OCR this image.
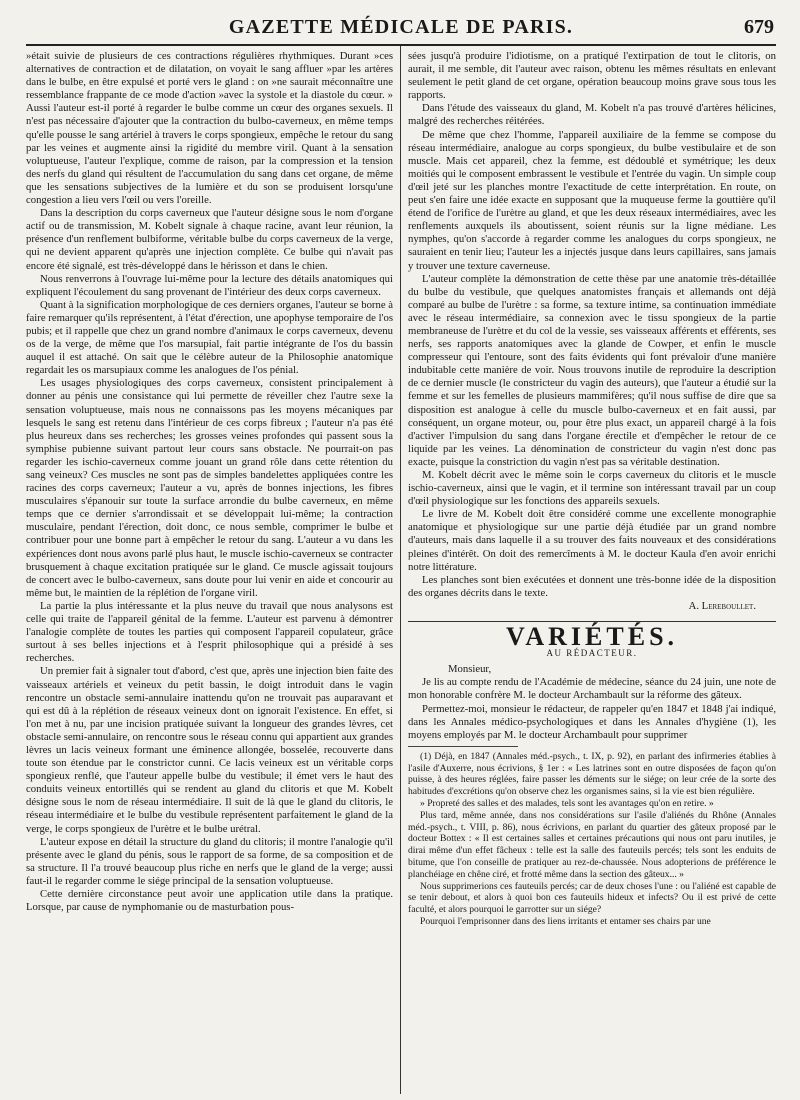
GAZETTE MÉDICALE DE PARIS.	679

»était suivie de plusieurs de ces contractions régulières rhythmiques. Durant »ces alternatives de contraction et de dilatation, on voyait le sang affluer »par les artères dans le bulbe, en être expulsé et porté vers le gland : on »ne saurait méconnaître une ressemblance frappante de ce mode d'action »avec la systole et la diastole du cœur. » Aussi l'auteur est-il porté à regarder le bulbe comme un cœur des organes sexuels. Il n'est pas nécessaire d'ajouter que la contraction du bulbo-caverneux, en même temps qu'elle pousse le sang artériel à travers le corps spongieux, empêche le retour du sang par les veines et augmente ainsi la rigidité du membre viril. Quant à la sensation voluptueuse, l'auteur l'explique, comme de raison, par la compression et la tension des nerfs du gland qui résultent de l'accumulation du sang dans cet organe, de même que les sensations subjectives de la lumière et du son se produisent lorsqu'une congestion a lieu vers l'œil ou vers l'oreille.

Dans la description du corps caverneux que l'auteur désigne sous le nom d'organe actif ou de transmission, M. Kobelt signale à chaque racine, avant leur réunion, la présence d'un renflement bulbiforme, véritable bulbe du corps caverneux de la verge, qui ne devient apparent qu'après une injection complète. Ce bulbe qui n'avait pas encore été signalé, est très-développé dans le hérisson et dans le chien.

Nous renverrons à l'ouvrage lui-même pour la lecture des détails anatomiques qui expliquent l'écoulement du sang provenant de l'intérieur des deux corps caverneux.

Quant à la signification morphologique de ces derniers organes, l'auteur se borne à faire remarquer qu'ils représentent, à l'état d'érection, une apophyse temporaire de l'os pubis; et il rappelle que chez un grand nombre d'animaux le corps caverneux, devenu os de la verge, de même que l'os marsupial, fait partie intégrante de l'os du bassin auquel il est attaché. On sait que le célèbre auteur de la Philosophie anatomique regardait les os marsupiaux comme les analogues de l'os pénial.

Les usages physiologiques des corps caverneux, consistent principalement à donner au pénis une consistance qui lui permette de réveiller chez l'autre sexe la sensation voluptueuse, mais nous ne connaissons pas les moyens mécaniques par lesquels le sang est retenu dans l'intérieur de ces corps fibreux ; l'auteur n'a pas été plus heureux dans ses recherches; les grosses veines profondes qui passent sous la symphise pubienne suivant partout leur cours sans obstacle. Ne pourrait-on pas regarder les ischio-caverneux comme jouant un grand rôle dans cette rétention du sang veineux? Ces muscles ne sont pas de simples bandelettes appliquées contre les racines des corps caverneux; l'auteur a vu, après de bonnes injections, les fibres musculaires s'épanouir sur toute la surface arrondie du bulbe caverneux, en même temps que ce dernier s'arrondissait et se développait lui-même; la contraction musculaire, pendant l'érection, doit donc, ce nous semble, comprimer le bulbe et contribuer pour une bonne part à empêcher le retour du sang. L'auteur a vu dans les expériences dont nous avons parlé plus haut, le muscle ischio-caverneux se contracter brusquement à chaque excitation pratiquée sur le gland. Ce muscle agissait toujours de concert avec le bulbo-caverneux, sans doute pour lui venir en aide et concourir au même but, le maintien de la réplétion de l'organe viril.

La partie la plus intéressante et la plus neuve du travail que nous analysons est celle qui traite de l'appareil génital de la femme. L'auteur est parvenu à démontrer l'analogie complète de toutes les parties qui composent l'appareil copulateur, grâce surtout à ses belles injections et à l'esprit philosophique qui a présidé à ses recherches.

Un premier fait à signaler tout d'abord, c'est que, après une injection bien faite des vaisseaux artériels et veineux du petit bassin, le doigt introduit dans le vagin rencontre un obstacle semi-annulaire inattendu qu'on ne trouvait pas auparavant et qui est dû à la réplétion de réseaux veineux dont on ignorait l'existence. En effet, si l'on met à nu, par une incision pratiquée suivant la longueur des grandes lèvres, cet obstacle semi-annulaire, on rencontre sous le réseau connu qui appartient aux grandes lèvres un lacis veineux formant une éminence allongée, bosselée, recouverte dans toute son étendue par le constrictor cunni. Ce lacis veineux est un véritable corps spongieux renflé, que l'auteur appelle bulbe du vestibule; il émet vers le haut des conduits veineux entortillés qui se rendent au gland du clitoris et que M. Kobelt désigne sous le nom de réseau intermédiaire. Il suit de là que le gland du clitoris, le réseau intermédiaire et le bulbe du vestibule représentent parfaitement le gland de la verge, le corps spongieux de l'urètre et le bulbe urétral.

L'auteur expose en détail la structure du gland du clitoris; il montre l'analogie qu'il présente avec le gland du pénis, sous le rapport de sa forme, de sa composition et de sa structure. Il l'a trouvé beaucoup plus riche en nerfs que le gland de la verge; aussi faut-il le regarder comme le siége principal de la sensation voluptueuse.

Cette dernière circonstance peut avoir une application utile dans la pratique. Lorsque, par cause de nymphomanie ou de masturbation pous-

sées jusqu'à produire l'idiotisme, on a pratiqué l'extirpation de tout le clitoris, on aurait, il me semble, dit l'auteur avec raison, obtenu les mêmes résultats en enlevant seulement le petit gland de cet organe, opération beaucoup moins grave sous tous les rapports.

Dans l'étude des vaisseaux du gland, M. Kobelt n'a pas trouvé d'artères hélicines, malgré des recherches réitérées.

De même que chez l'homme, l'appareil auxiliaire de la femme se compose du réseau intermédiaire, analogue au corps spongieux, du bulbe vestibulaire et de son muscle. Mais cet appareil, chez la femme, est dédoublé et symétrique; les deux moitiés qui le composent embrassent le vestibule et l'entrée du vagin. Un simple coup d'œil jeté sur les planches montre l'exactitude de cette interprétation. En route, on peut s'en faire une idée exacte en supposant que la muqueuse ferme la gouttière qu'il étend de l'orifice de l'urètre au gland, et que les deux réseaux intermédiaires, avec les renflements auxquels ils aboutissent, soient réunis sur la ligne médiane. Les nymphes, qu'on s'accorde à regarder comme les analogues du corps spongieux, ne sauraient en tenir lieu; l'auteur les a injectés jusque dans leurs capillaires, sans jamais y trouver une texture caverneuse.

L'auteur complète la démonstration de cette thèse par une anatomie très-détaillée du bulbe du vestibule, que quelques anatomistes français et allemands ont déjà comparé au bulbe de l'urètre : sa forme, sa texture intime, sa continuation immédiate avec le réseau intermédiaire, sa connexion avec le tissu spongieux de la partie membraneuse de l'urètre et du col de la vessie, ses vaisseaux afférents et efférents, ses nerfs, ses rapports anatomiques avec la glande de Cowper, et enfin le muscle compresseur qui l'entoure, sont des faits évidents qui font prévaloir d'une manière indubitable cette manière de voir. Nous trouvons inutile de reproduire la description de ce dernier muscle (le constricteur du vagin des auteurs), que l'auteur a étudié sur la femme et sur les femelles de plusieurs mammifères; qu'il nous suffise de dire que sa disposition est analogue à celle du muscle bulbo-caverneux et en fait aussi, par conséquent, un organe moteur, ou, pour être plus exact, un appareil chargé à la fois d'activer l'impulsion du sang dans l'organe érectile et d'empêcher le retour de ce liquide par les veines. La dénomination de constricteur du vagin n'est donc pas exacte, puisque la constriction du vagin n'est pas sa véritable destination.

M. Kobelt décrit avec le même soin le corps caverneux du clitoris et le muscle ischio-caverneux, ainsi que le vagin, et il termine son intéressant travail par un coup d'œil physiologique sur les fonctions des appareils sexuels.

Le livre de M. Kobelt doit être considéré comme une excellente monographie anatomique et physiologique sur une partie déjà étudiée par un grand nombre d'auteurs, mais dans laquelle il a su trouver des faits nouveaux et des considérations pleines d'intérêt. On doit des remercîments à M. le docteur Kaula d'en avoir enrichi notre littérature.

Les planches sont bien exécutées et donnent une très-bonne idée de la disposition des organes décrits dans le texte.

A. Lereboullet.

VARIÉTÉS.
AU RÉDACTEUR.

Monsieur,

Je lis au compte rendu de l'Académie de médecine, séance du 24 juin, une note de mon honorable confrère M. le docteur Archambault sur la réforme des gâteux.

Permettez-moi, monsieur le rédacteur, de rappeler qu'en 1847 et 1848 j'ai indiqué, dans les Annales médico-psychologiques et dans les Annales d'hygiène (1), les moyens employés par M. le docteur Archambault pour supprimer

(1) Déjà, en 1847 (Annales méd.-psych., t. IX, p. 92), en parlant des infirmeries établies à l'asile d'Auxerre, nous écrivions, § 1er : « Les latrines sont en outre disposées de façon qu'on puisse, à des heures réglées, faire passer les déments sur le siége; on leur crée de la sorte des habitudes d'excrétions qu'on observe chez les organismes sains, si la vie est bien régulière.

» Propreté des salles et des malades, tels sont les avantages qu'on en retire. »

Plus tard, même année, dans nos considérations sur l'asile d'aliénés du Rhône (Annales méd.-psych., t. VIII, p. 86), nous écrivions, en parlant du quartier des gâteux proposé par le docteur Bottex : « Il est certaines salles et certaines précautions qui nous ont paru inutiles, je dirai même d'un effet fâcheux : telle est la salle des fauteuils percés; tels sont les enduits de bitume, que l'on conseille de pratiquer au rez-de-chaussée. Nous adopterions de préférence le planchéiage en chêne ciré, et frotté même dans la section des gâteux... »

Nous supprimerions ces fauteuils percés; car de deux choses l'une : ou l'aliéné est capable de se tenir debout, et alors à quoi bon ces fauteuils hideux et infects? Ou il est privé de cette faculté, et alors pourquoi le garrotter sur un siége?

Pourquoi l'emprisonner dans des liens irritants et entamer ses chairs par une
